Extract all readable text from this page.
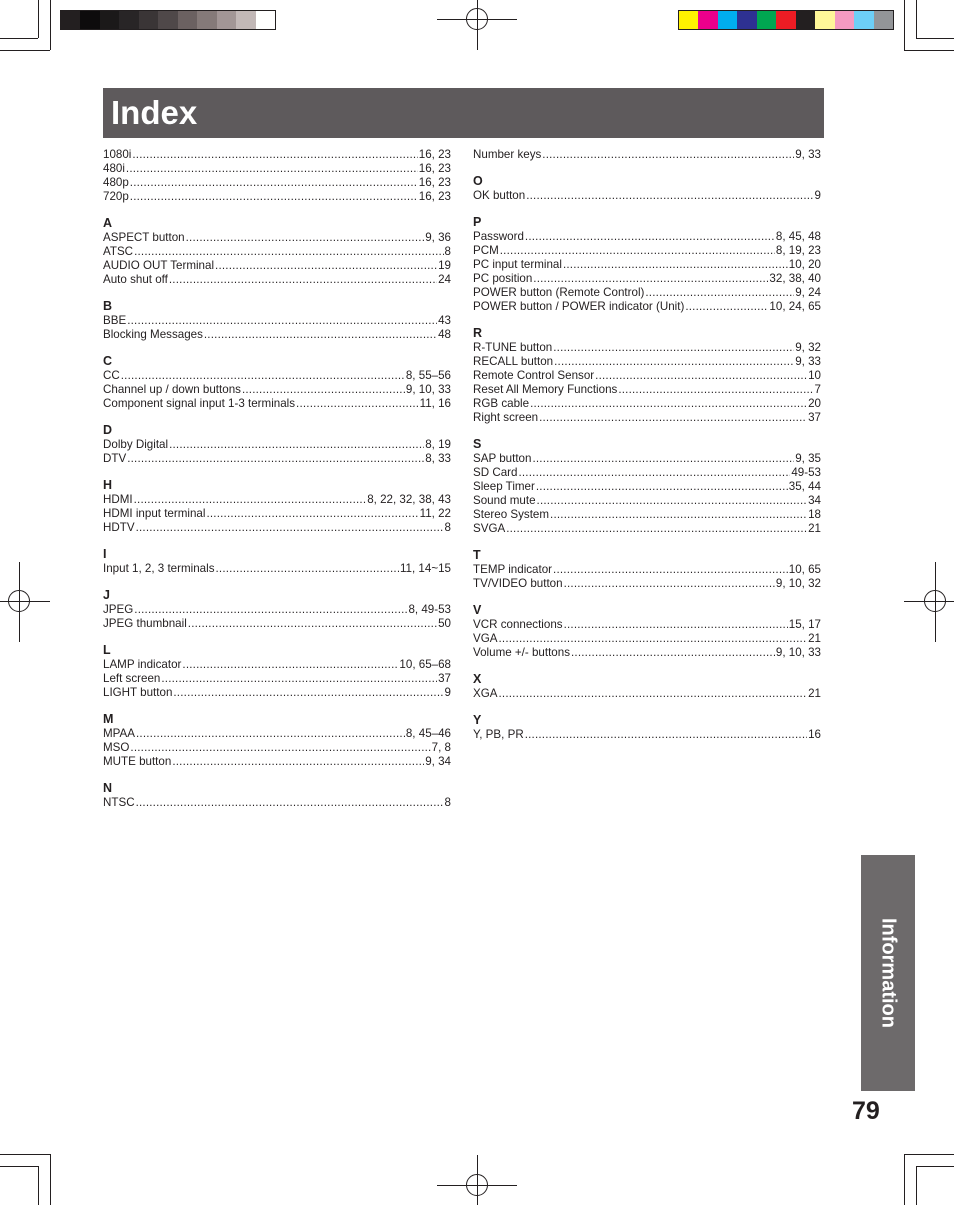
Index
1080i .....	16, 23
480i .....	16, 23
480p .....	16, 23
720p .....	16, 23
A
ASPECT button .....	9, 36
ATSC .....	8
AUDIO OUT Terminal .....	19
Auto shut off .....	24
B
BBE .....	43
Blocking Messages .....	48
C
CC .....	8, 55–56
Channel up / down buttons .....	9, 10, 33
Component signal input 1-3 terminals .....	11, 16
D
Dolby Digital .....	8, 19
DTV .....	8, 33
H
HDMI .....	8, 22, 32, 38, 43
HDMI input terminal .....	11, 22
HDTV .....	8
I
Input 1, 2, 3 terminals .....	11, 14~15
J
JPEG .....	8, 49-53
JPEG thumbnail .....	50
L
LAMP indicator .....	10, 65–68
Left screen .....	37
LIGHT button .....	9
M
MPAA .....	8, 45–46
MSO .....	7, 8
MUTE button .....	9, 34
N
NTSC .....	8
Number keys .....	9, 33
O
OK button .....	9
P
Password .....	8, 45, 48
PCM .....	8, 19, 23
PC input terminal .....	10, 20
PC position .....	32, 38, 40
POWER button (Remote Control) .....	9, 24
POWER button / POWER indicator (Unit) .....	10, 24, 65
R
R-TUNE button .....	9, 32
RECALL button .....	9, 33
Remote Control Sensor .....	10
Reset All Memory Functions .....	7
RGB cable .....	20
Right screen .....	37
S
SAP button .....	9, 35
SD Card .....	49-53
Sleep Timer .....	35, 44
Sound mute .....	34
Stereo System .....	18
SVGA .....	21
T
TEMP indicator .....	10, 65
TV/VIDEO button .....	9, 10, 32
V
VCR connections .....	15, 17
VGA .....	21
Volume +/- buttons .....	9, 10, 33
X
XGA .....	21
Y
Y, PB, PR .....	16
Information
79
